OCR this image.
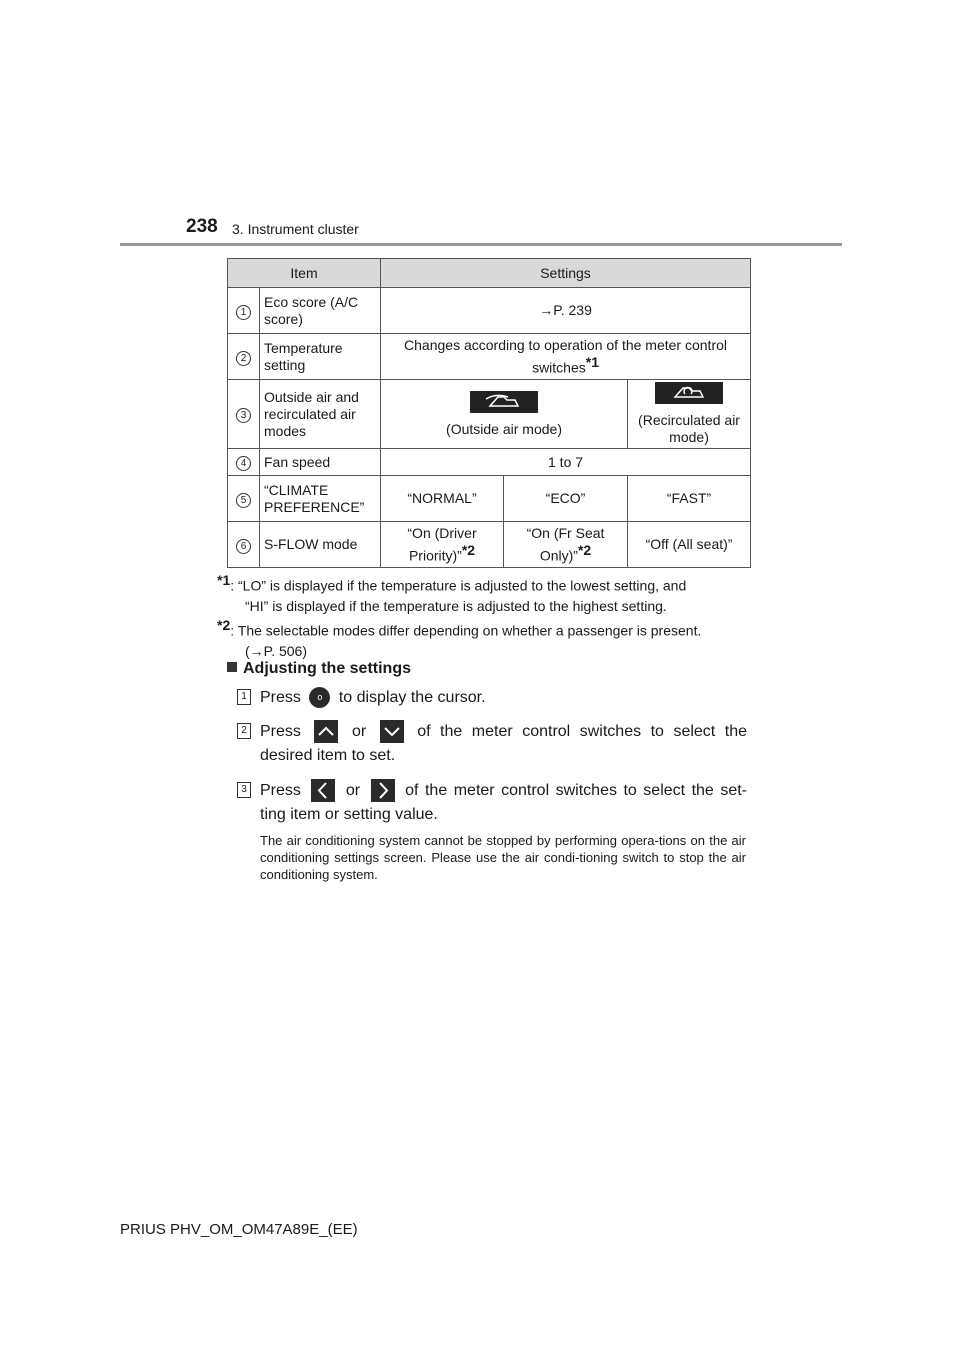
238 3. Instrument cluster
Item		Settings		
1	Eco score (A/C score)	→P. 239		
2	Temperature setting	Changes according to operation of the meter control switches$^{*1}$
3	Outside air and recirculated air modes	(Outside air mode)		(Recirculated air mode)
4	Fan speed	1 to 7		
5	“CLIMATE PREFERENCE”	“NORMAL”	“ECO”	“FAST”
6	S-FLOW mode	“On (Driver Priority)”$^{*2}$	“On (Fr Seat Only)”$^{*2}$	“Off (All seat)”
$^{*1}$: “LO” is displayed if the temperature is adjusted to the lowest setting, and
“HI” is displayed if the temperature is adjusted to the highest setting.
$^{*2}$: The selectable modes differ depending on whether a passenger is present.
(→P. 506)
Adjusting the settings
1 Press o to display the cursor.
2 Press	or	of the meter control switches to select the desired item to set.
3 Press	or	of the meter control switches to select the set-ting item or setting value.
The air conditioning system cannot be stopped by performing opera-tions on the air conditioning settings screen. Please use the air condi-tioning switch to stop the air conditioning system.
PRIUS PHV_OM_OM47A89E_(EE)
